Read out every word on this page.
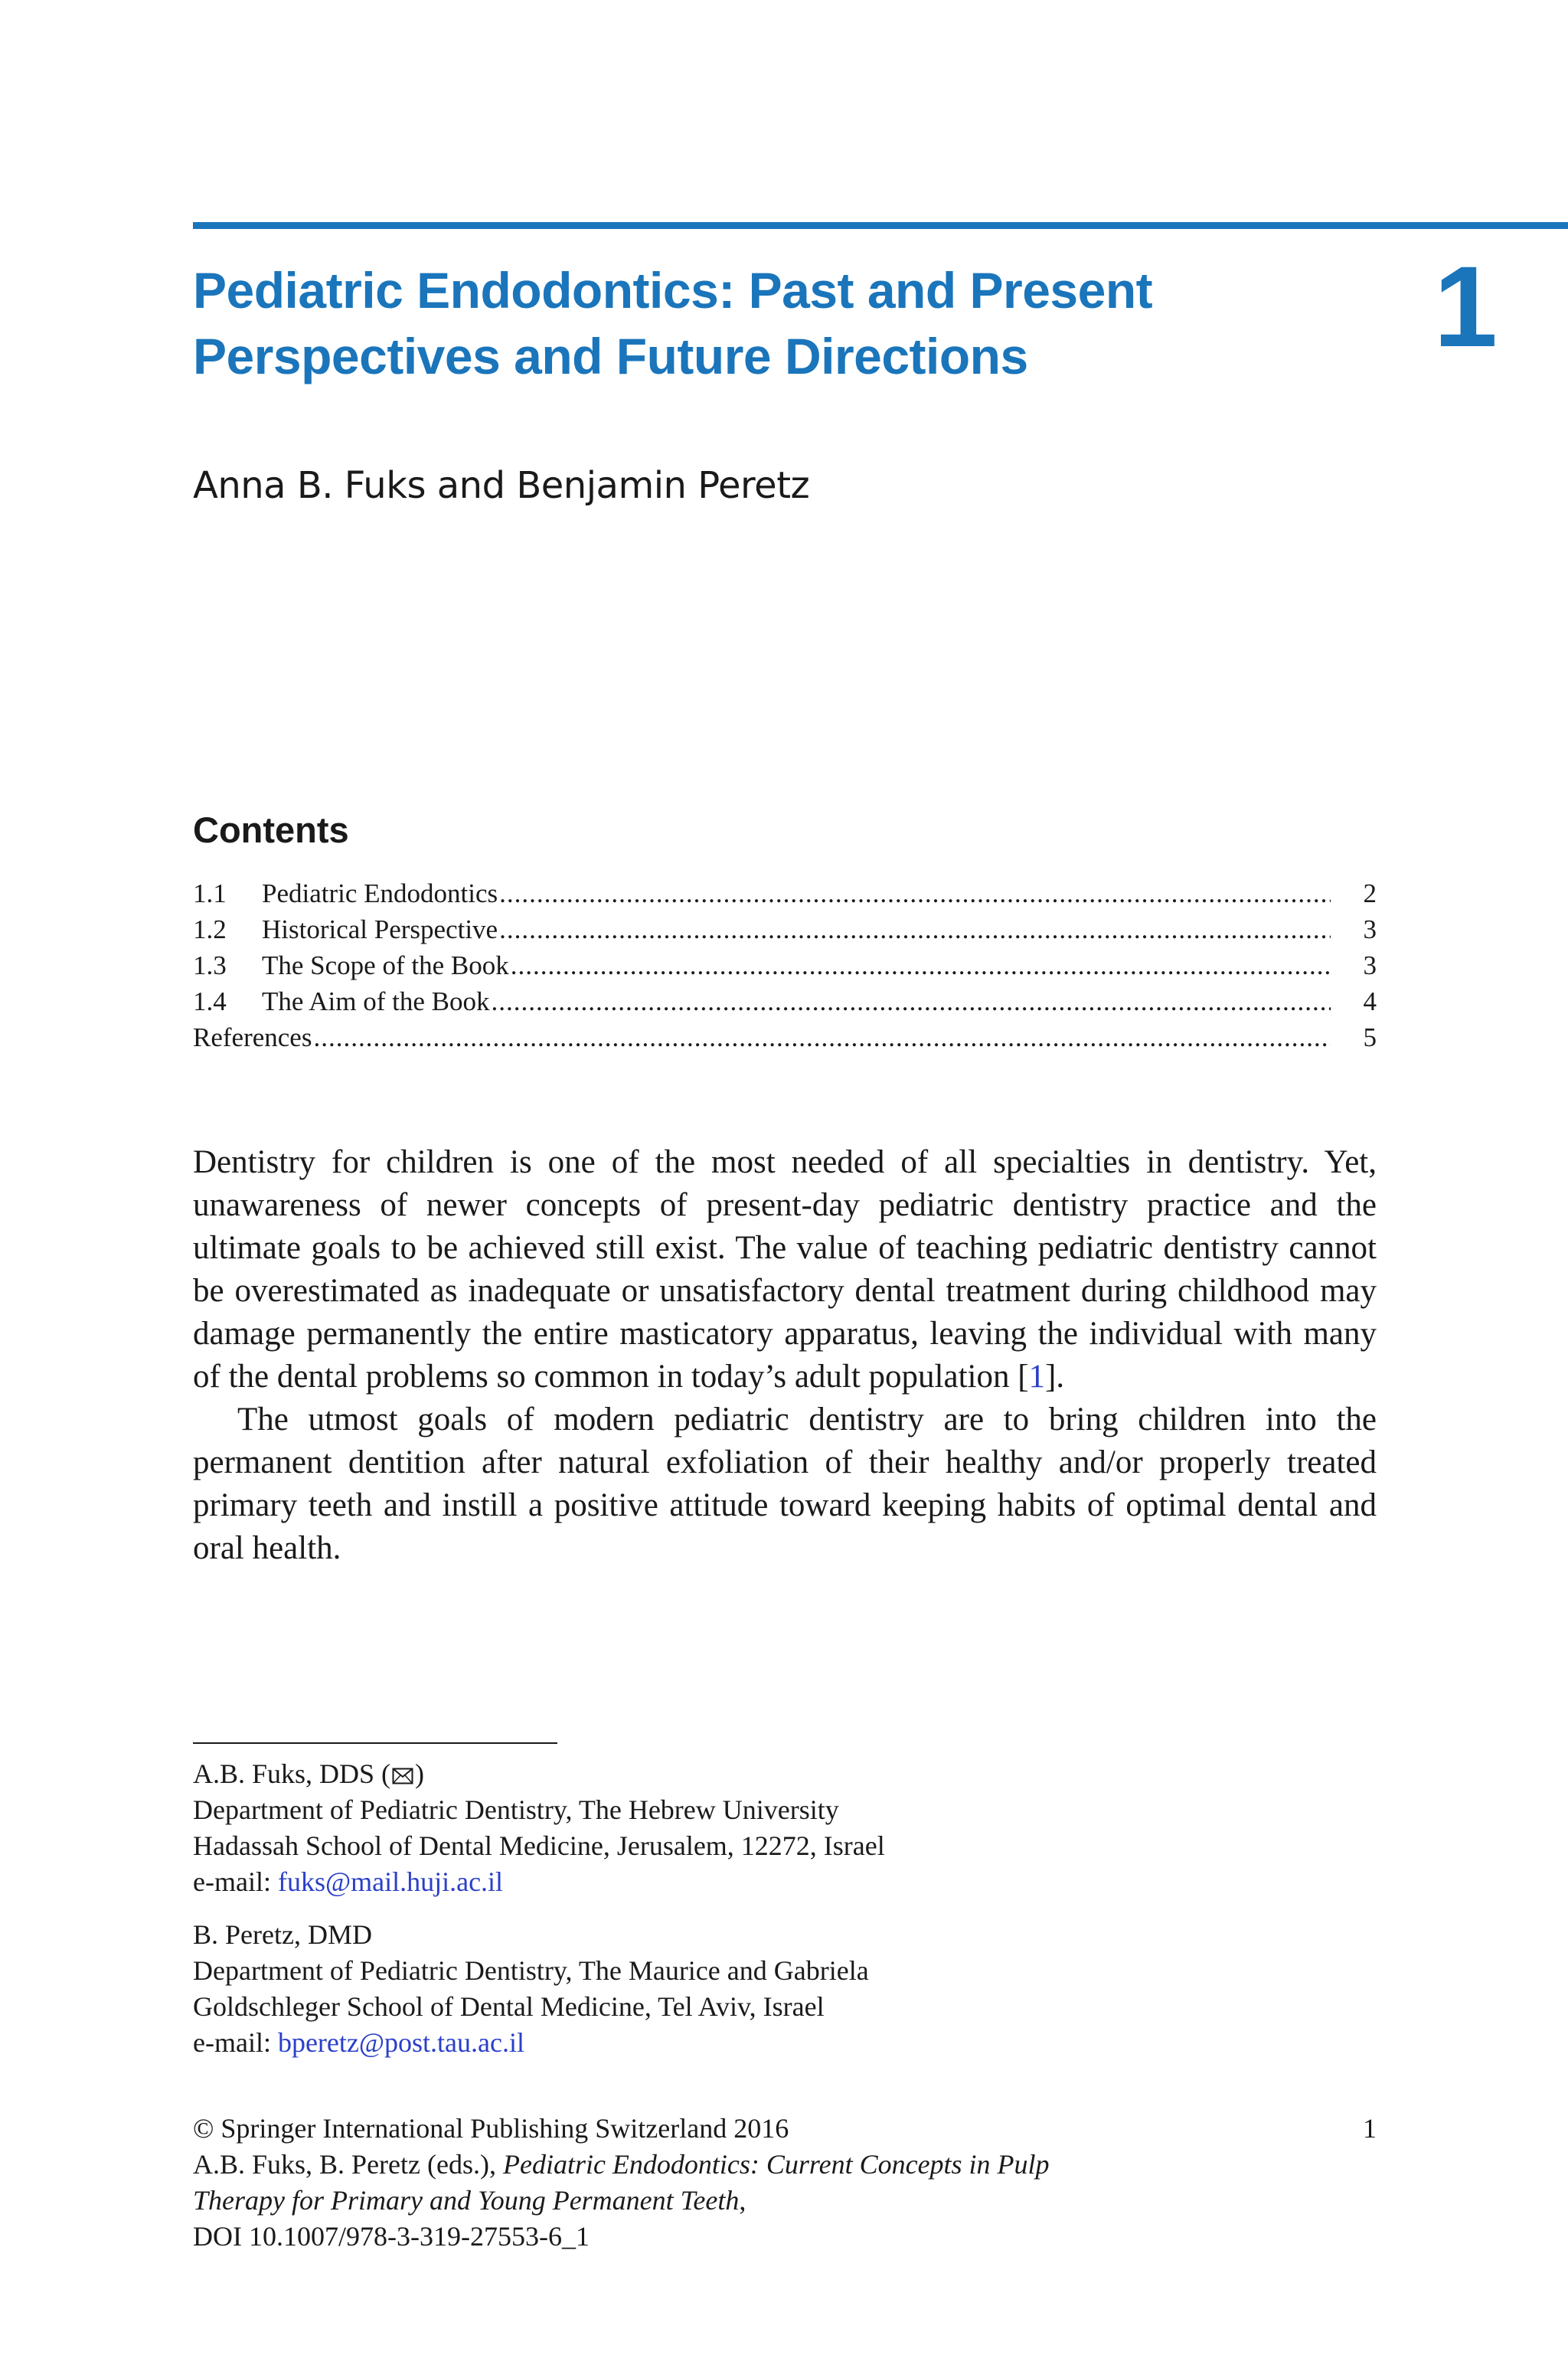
Pediatric Endodontics: Past and Present
Perspectives and Future Directions	1
Anna B. Fuks and Benjamin Peretz
Contents
1.1	Pediatric Endodontics .....	2
1.2	Historical Perspective .....	3
1.3	The Scope of the Book .....	3
1.4	The Aim of the Book .....	4
References .....	5

Dentistry for children is one of the most needed of all specialties in dentistry. Yet, unawareness of newer concepts of present-day pediatric dentistry practice and the ultimate goals to be achieved still exist. The value of teaching pediatric dentistry cannot be overestimated as inadequate or unsatisfactory dental treatment during childhood may damage permanently the entire masticatory apparatus, leaving the individual with many of the dental problems so common in today’s adult population [1].

The utmost goals of modern pediatric dentistry are to bring children into the permanent dentition after natural exfoliation of their healthy and/or properly treated primary teeth and instill a positive attitude toward keeping habits of optimal dental and oral health.

A.B. Fuks, DDS ( )
Department of Pediatric Dentistry, The Hebrew University
Hadassah School of Dental Medicine, Jerusalem, 12272, Israel
e-mail: fuks@mail.huji.ac.il
B. Peretz, DMD
Department of Pediatric Dentistry, The Maurice and Gabriela
Goldschleger School of Dental Medicine, Tel Aviv, Israel
e-mail: bperetz@post.tau.ac.il
© Springer International Publishing Switzerland 2016
A.B. Fuks, B. Peretz (eds.), Pediatric Endodontics: Current Concepts in Pulp
Therapy for Primary and Young Permanent Teeth,
DOI 10.1007/978-3-319-27553-6_1
1
